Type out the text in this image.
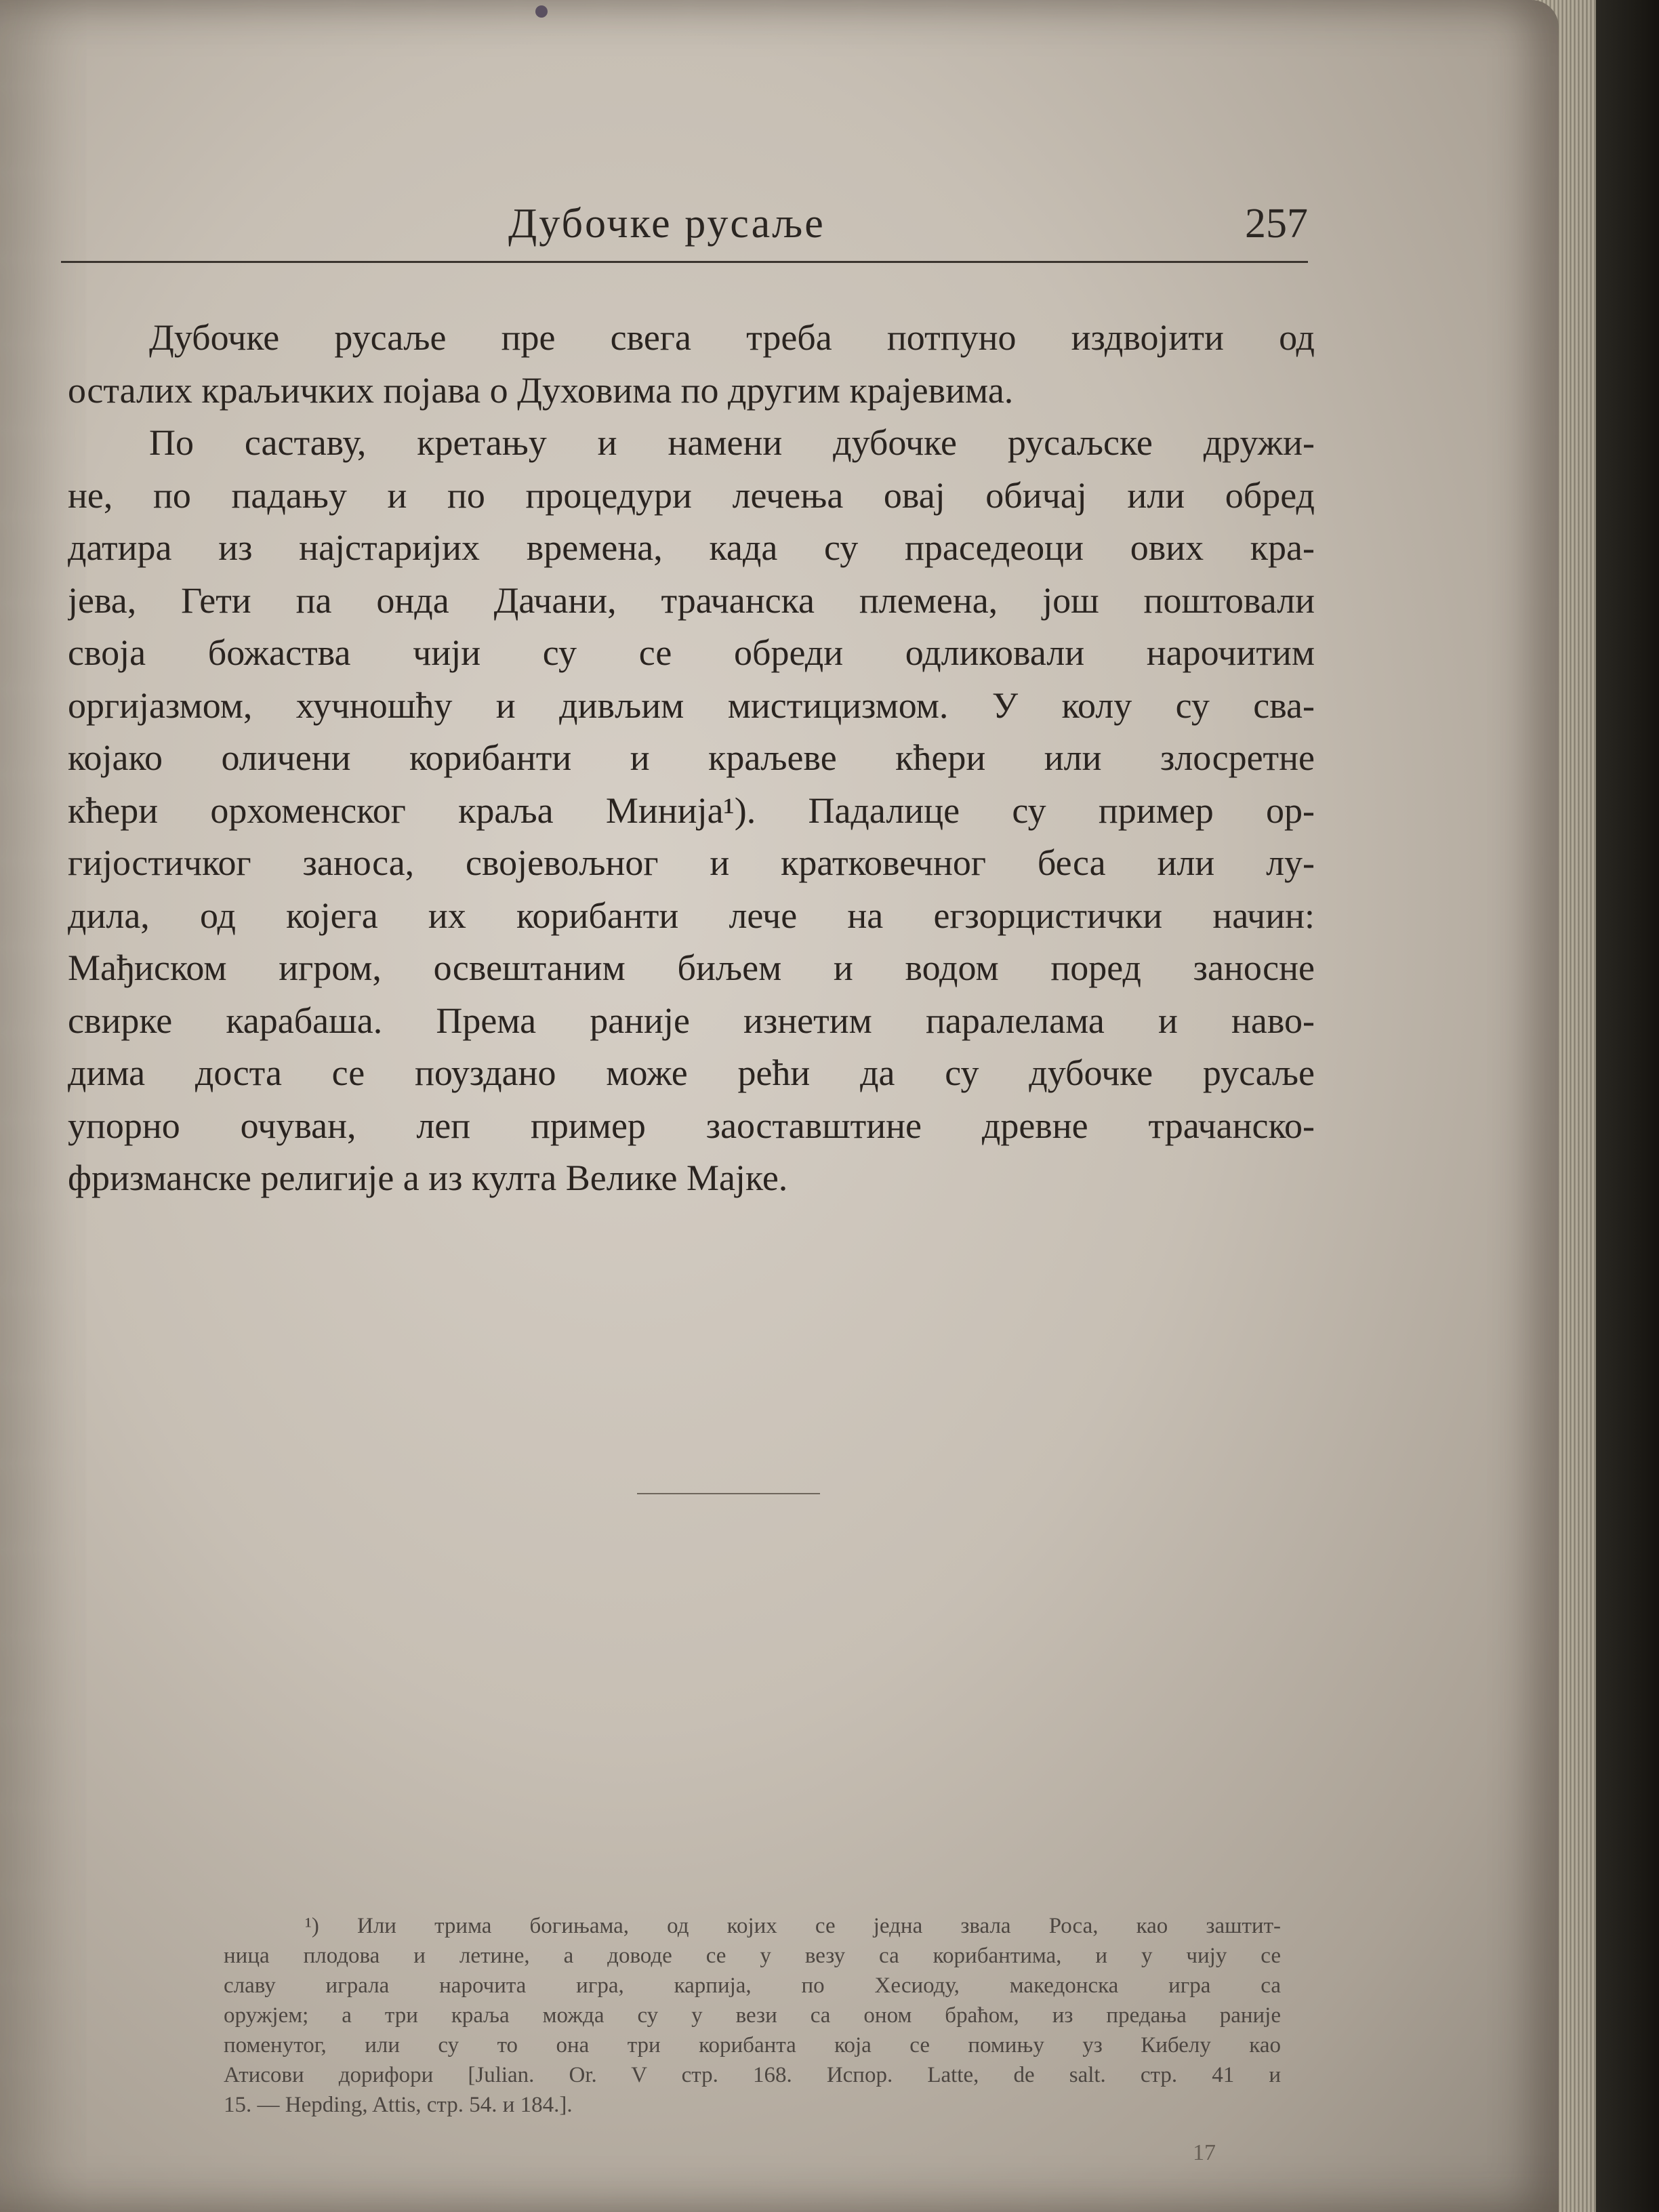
Дубочке русаље	257
Дубочке русаље пре свега треба потпуно издвојити од
осталих краљичких појава о Духовима по другим крајевима.
По саставу, кретању и намени дубочке русаљске дружи-
не, по падању и по процедури лечења овај обичај или обред
датира из најстаријих времена, када су праседеоци ових кра-
јева, Гети па онда Дачани, трачанска племена, још поштовали
своја божаства чији су се обреди одликовали нарочитим
оргијазмом, хучношћу и дивљим мистицизмом. У колу су сва-
којако оличени корибанти и краљеве кћери или злосретне
кћери орхоменског краља Минија¹). Падалице су пример ор-
гијостичког заноса, својевољног и кратковечног беса или лу-
дила, од којега их корибанти лече на егзорцистички начин:
Мађиском игром, освештаним биљем и водом поред заносне
свирке карабаша. Према раније изнетим паралелама и наво-
дима доста се поуздано може рећи да су дубочке русаље
упорно очуван, леп пример заоставштине древне трачанско-
фризманске религије а из култа Велике Мајке.
¹) Или трима богињама, од којих се једна звала Роса, као заштит-
ница плодова и летине, а доводе се у везу са корибантима, и у чију се
славу играла нарочита игра, карпија, по Хесиоду, македонска игра са
оружјем; а три краља можда су у вези са оном браћом, из предања раније
поменутог, или су то она три корибанта која се помињу уз Кибелу као
Атисови дорифори [Julian. Or. V стр. 168. Испор. Latte, de salt. стр. 41 и
15. — Hepding, Attis, стр. 54. и 184.].
17
